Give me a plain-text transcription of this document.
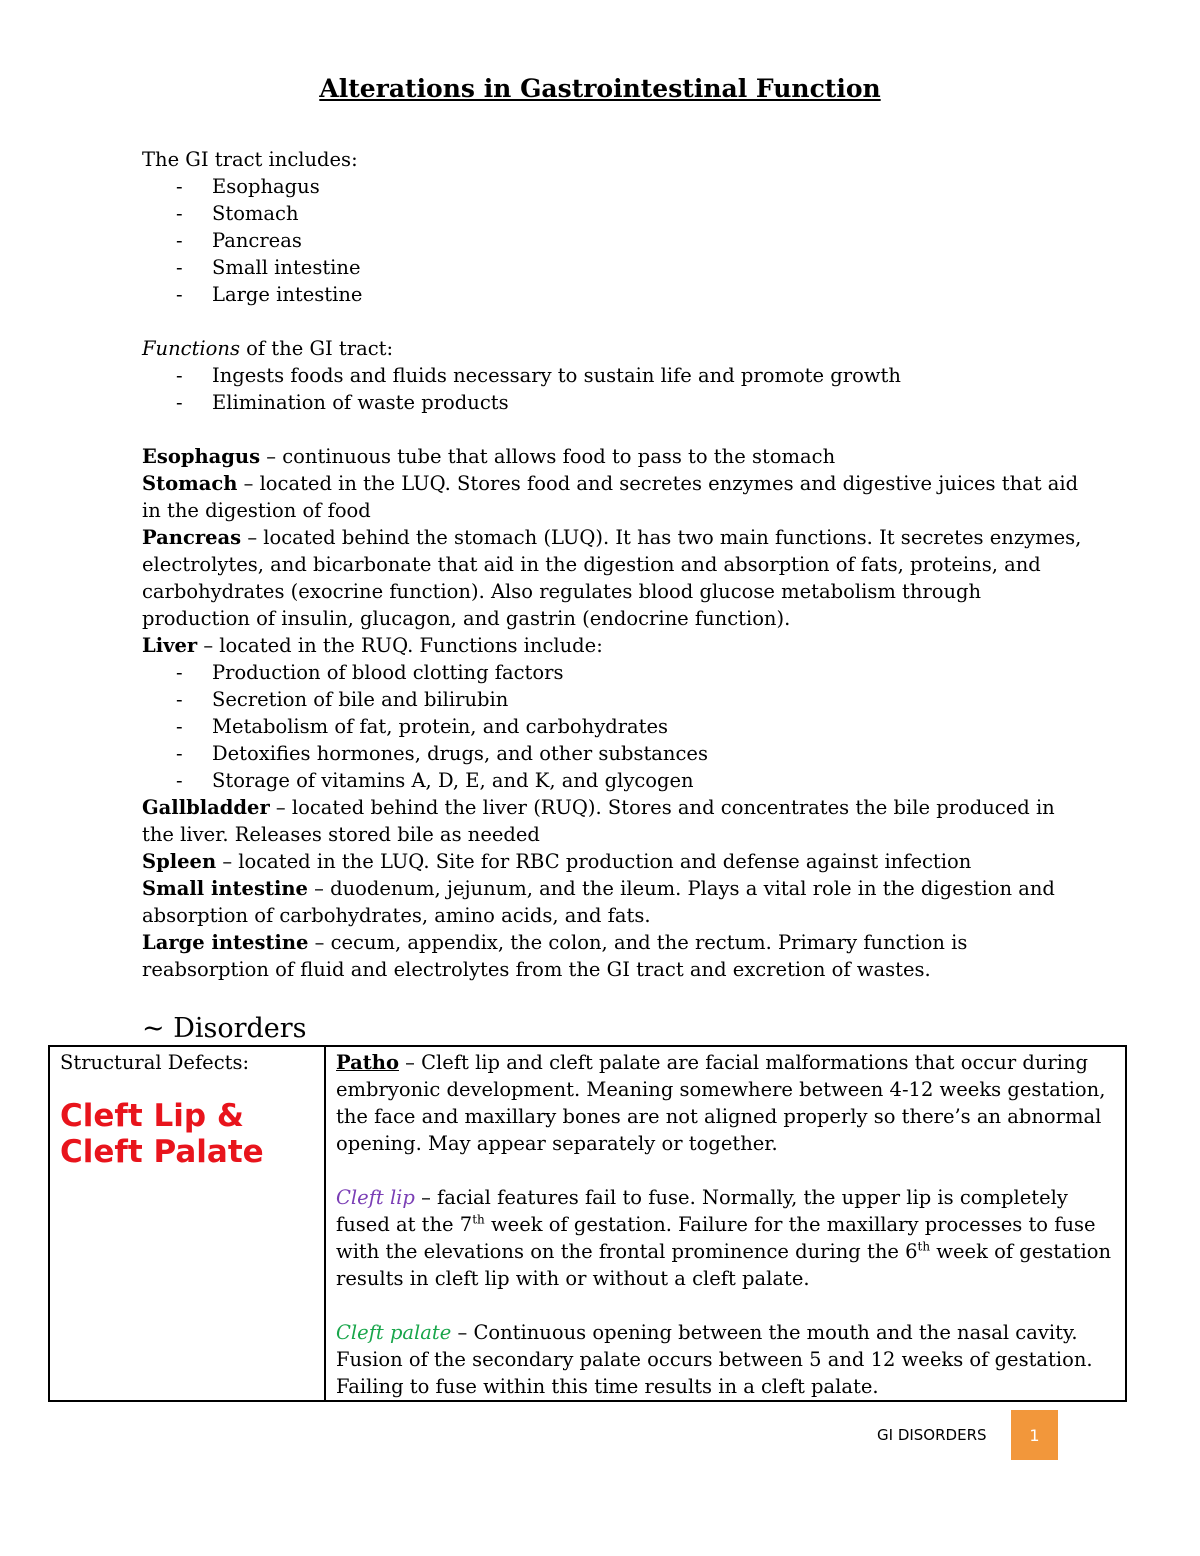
Alterations in Gastrointestinal Function

The GI tract includes:

- Esophagus
- Stomach
- Pancreas
- Small intestine
- Large intestine

Functions of the GI tract:

- Ingests foods and fluids necessary to sustain life and promote growth
- Elimination of waste products

Esophagus – continuous tube that allows food to pass to the stomach

Stomach – located in the LUQ. Stores food and secretes enzymes and digestive juices that aid in the digestion of food

Pancreas – located behind the stomach (LUQ). It has two main functions. It secretes enzymes, electrolytes, and bicarbonate that aid in the digestion and absorption of fats, proteins, and carbohydrates (exocrine function). Also regulates blood glucose metabolism through production of insulin, glucagon, and gastrin (endocrine function).

Liver – located in the RUQ. Functions include:

- Production of blood clotting factors
- Secretion of bile and bilirubin
- Metabolism of fat, protein, and carbohydrates
- Detoxifies hormones, drugs, and other substances
- Storage of vitamins A, D, E, and K, and glycogen

Gallbladder – located behind the liver (RUQ). Stores and concentrates the bile produced in the liver. Releases stored bile as needed

Spleen – located in the LUQ. Site for RBC production and defense against infection

Small intestine – duodenum, jejunum, and the ileum. Plays a vital role in the digestion and absorption of carbohydrates, amino acids, and fats.

Large intestine – cecum, appendix, the colon, and the rectum. Primary function is reabsorption of fluid and electrolytes from the GI tract and excretion of wastes.

~ Disorders

Structural Defects:

Cleft Lip &
Cleft Palate

Patho – Cleft lip and cleft palate are facial malformations that occur during embryonic development. Meaning somewhere between 4-12 weeks gestation, the face and maxillary bones are not aligned properly so there’s an abnormal opening. May appear separately or together.

Cleft lip – facial features fail to fuse. Normally, the upper lip is completely fused at the 7th week of gestation. Failure for the maxillary processes to fuse with the elevations on the frontal prominence during the 6th week of gestation results in cleft lip with or without a cleft palate.

Cleft palate – Continuous opening between the mouth and the nasal cavity. Fusion of the secondary palate occurs between 5 and 12 weeks of gestation. Failing to fuse within this time results in a cleft palate.

GI DISORDERS	1
